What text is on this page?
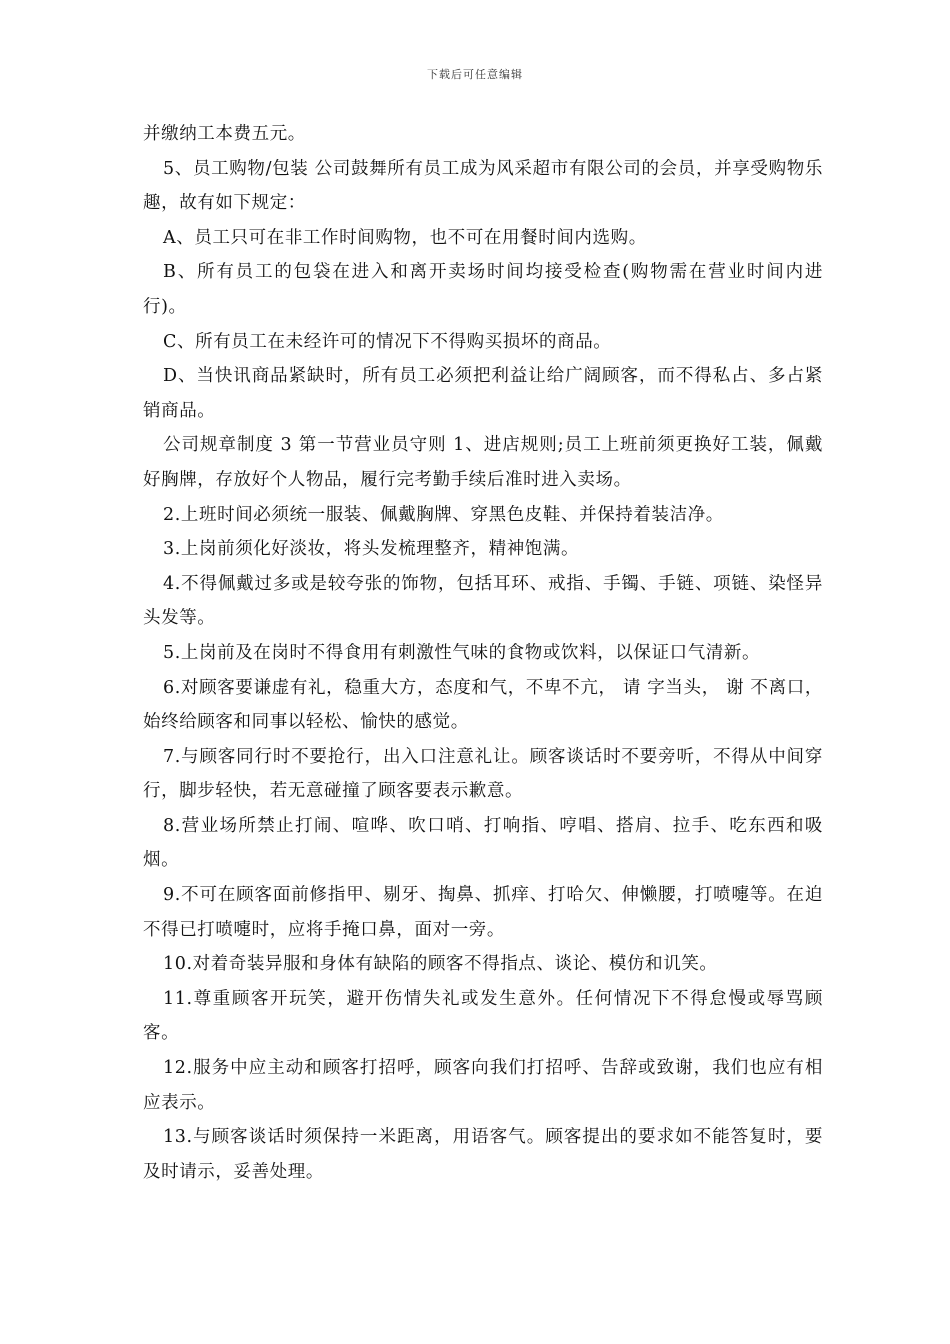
下载后可任意编辑

并缴纳工本费五元。

5、员工购物/包装 公司鼓舞所有员工成为风采超市有限公司的会员，并享受购物乐趣，故有如下规定：

A、员工只可在非工作时间购物，也不可在用餐时间内选购。

B、所有员工的包袋在进入和离开卖场时间均接受检查(购物需在营业时间内进行)。

C、所有员工在未经许可的情况下不得购买损坏的商品。

D、当快讯商品紧缺时，所有员工必须把利益让给广阔顾客，而不得私占、多占紧销商品。

公司规章制度 3 第一节营业员守则 1、进店规则;员工上班前须更换好工装，佩戴好胸牌，存放好个人物品，履行完考勤手续后准时进入卖场。

2.上班时间必须统一服装、佩戴胸牌、穿黑色皮鞋、并保持着装洁净。

3.上岗前须化好淡妆，将头发梳理整齐，精神饱满。

4.不得佩戴过多或是较夸张的饰物，包括耳环、戒指、手镯、手链、项链、染怪异头发等。

5.上岗前及在岗时不得食用有刺激性气味的食物或饮料，以保证口气清新。

6.对顾客要谦虚有礼，稳重大方，态度和气，不卑不亢， 请 字当头， 谢 不离口，始终给顾客和同事以轻松、愉快的感觉。

7.与顾客同行时不要抢行，出入口注意礼让。顾客谈话时不要旁听，不得从中间穿行，脚步轻快，若无意碰撞了顾客要表示歉意。

8.营业场所禁止打闹、喧哗、吹口哨、打响指、哼唱、搭肩、拉手、吃东西和吸烟。

9.不可在顾客面前修指甲、剔牙、掏鼻、抓痒、打哈欠、伸懒腰，打喷嚏等。在迫不得已打喷嚏时，应将手掩口鼻，面对一旁。

10.对着奇装异服和身体有缺陷的顾客不得指点、谈论、模仿和讥笑。

11.尊重顾客开玩笑，避开伤情失礼或发生意外。任何情况下不得怠慢或辱骂顾客。

12.服务中应主动和顾客打招呼，顾客向我们打招呼、告辞或致谢，我们也应有相应表示。

13.与顾客谈话时须保持一米距离，用语客气。顾客提出的要求如不能答复时，要及时请示，妥善处理。
